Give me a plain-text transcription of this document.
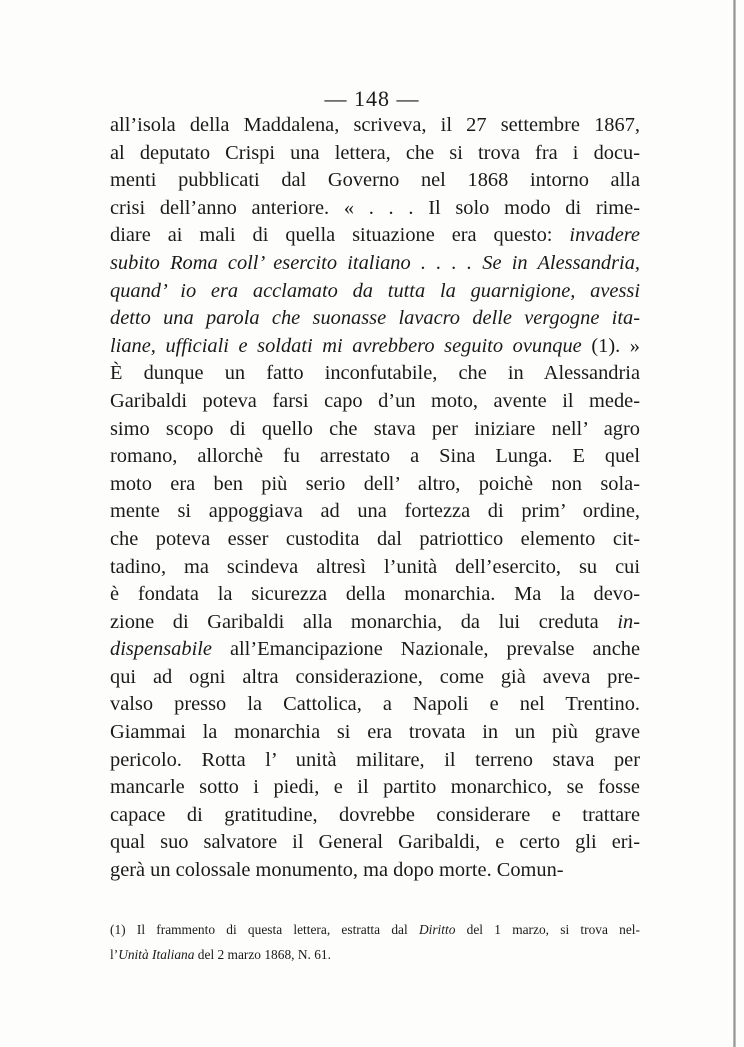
— 148 —
all’isola della Maddalena, scriveva, il 27 settembre 1867,
al deputato Crispi una lettera, che si trova fra i docu-
menti pubblicati dal Governo nel 1868 intorno alla
crisi dell’anno anteriore. « . . . Il solo modo di rime-
diare ai mali di quella situazione era questo: invadere
subito Roma coll’ esercito italiano . . . . Se in Alessandria,
quand’ io era acclamato da tutta la guarnigione, avessi
detto una parola che suonasse lavacro delle vergogne ita-
liane, ufficiali e soldati mi avrebbero seguito ovunque (1). »
È dunque un fatto inconfutabile, che in Alessandria
Garibaldi poteva farsi capo d’un moto, avente il mede-
simo scopo di quello che stava per iniziare nell’ agro
romano, allorchè fu arrestato a Sina Lunga. E quel
moto era ben più serio dell’ altro, poichè non sola-
mente si appoggiava ad una fortezza di prim’ ordine,
che poteva esser custodita dal patriottico elemento cit-
tadino, ma scindeva altresì l’unità dell’esercito, su cui
è fondata la sicurezza della monarchia. Ma la devo-
zione di Garibaldi alla monarchia, da lui creduta in-
dispensabile all’Emancipazione Nazionale, prevalse anche
qui ad ogni altra considerazione, come già aveva pre-
valso presso la Cattolica, a Napoli e nel Trentino.
Giammai la monarchia si era trovata in un più grave
pericolo. Rotta l’ unità militare, il terreno stava per
mancarle sotto i piedi, e il partito monarchico, se fosse
capace di gratitudine, dovrebbe considerare e trattare
qual suo salvatore il General Garibaldi, e certo gli eri-
gerà un colossale monumento, ma dopo morte. Comun-
(1) Il frammento di questa lettera, estratta dal Diritto del 1 marzo, si trova nel-
l’Unità Italiana del 2 marzo 1868, N. 61.
